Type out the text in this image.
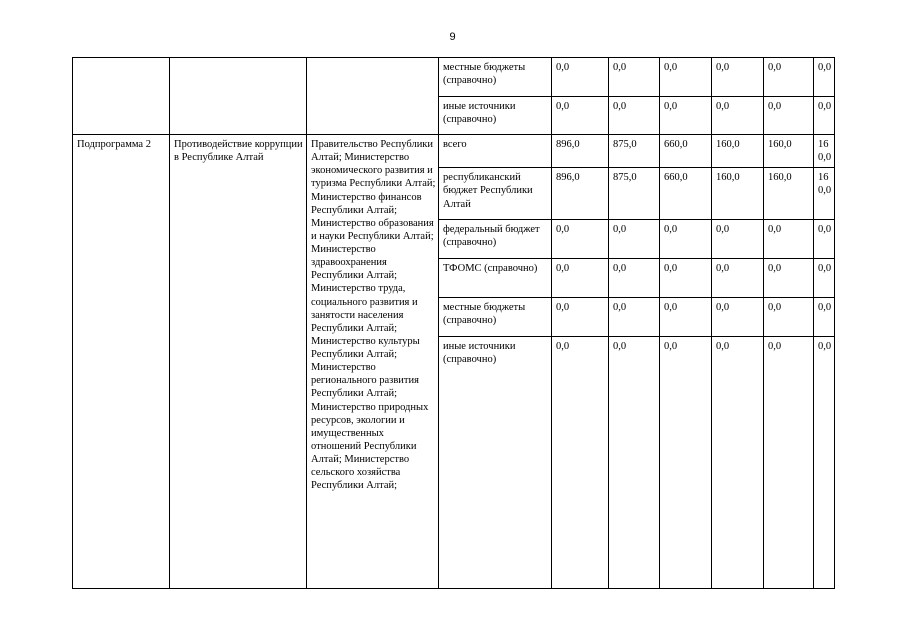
9
			местные бюджеты (справочно)	0,0	0,0	0,0	0,0	0,0	0,0
			иные источники (справочно)	0,0	0,0	0,0	0,0	0,0	0,0
Подпрограмма 2	Противодействие коррупции в Республике Алтай	Правительство Республики Алтай; Министерство экономического развития и туризма Республики Алтай; Министерство финансов Республики Алтай; Министерство образования и науки Республики Алтай; Министерство здравоохранения Республики Алтай; Министерство труда, социального развития и занятости населения Республики Алтай; Министерство культуры Республики Алтай; Министерство регионального развития Республики Алтай; Министерство природных ресурсов, экологии и имущественных отношений Республики Алтай; Министерство сельского хозяйства Республики Алтай;	всего	896,0	875,0	660,0	160,0	160,0	160,0
			республиканский бюджет Республики Алтай	896,0	875,0	660,0	160,0	160,0	160,0
			федеральный бюджет (справочно)	0,0	0,0	0,0	0,0	0,0	0,0
			ТФОМС (справочно)	0,0	0,0	0,0	0,0	0,0	0,0
			местные бюджеты (справочно)	0,0	0,0	0,0	0,0	0,0	0,0
			иные источники (справочно)	0,0	0,0	0,0	0,0	0,0	0,0
